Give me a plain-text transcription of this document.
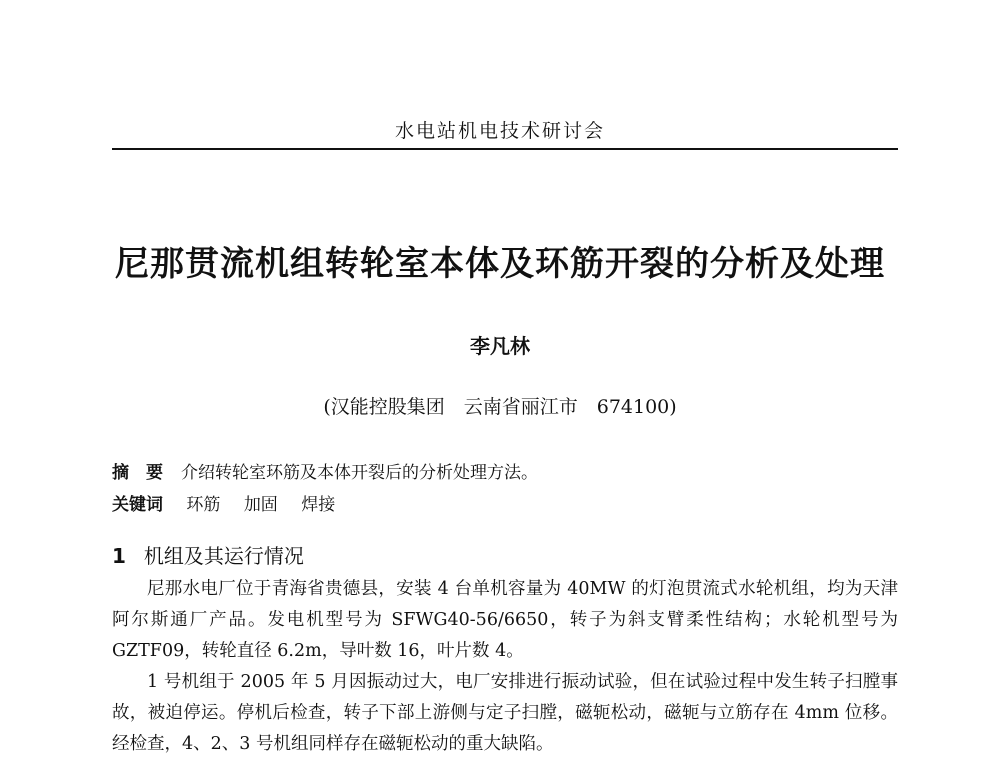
水电站机电技术研讨会
尼那贯流机组转轮室本体及环筋开裂的分析及处理
李凡林
(汉能控股集团　云南省丽江市　674100)
摘　要 介绍转轮室环筋及本体开裂后的分析处理方法。
关键词 环筋 加固 焊接
1 机组及其运行情况

尼那水电厂位于青海省贵德县，安装 4 台单机容量为 40MW 的灯泡贯流式水轮机组，均为天津阿尔斯通厂产品。发电机型号为 SFWG40-56/6650，转子为斜支臂柔性结构；水轮机型号为 GZTF09，转轮直径 6.2m，导叶数 16，叶片数 4。

1 号机组于 2005 年 5 月因振动过大，电厂安排进行振动试验，但在试验过程中发生转子扫膛事故，被迫停运。停机后检查，转子下部上游侧与定子扫膛，磁轭松动，磁轭与立筋存在 4mm 位移。经检查，4、2、3 号机组同样存在磁轭松动的重大缺陷。
